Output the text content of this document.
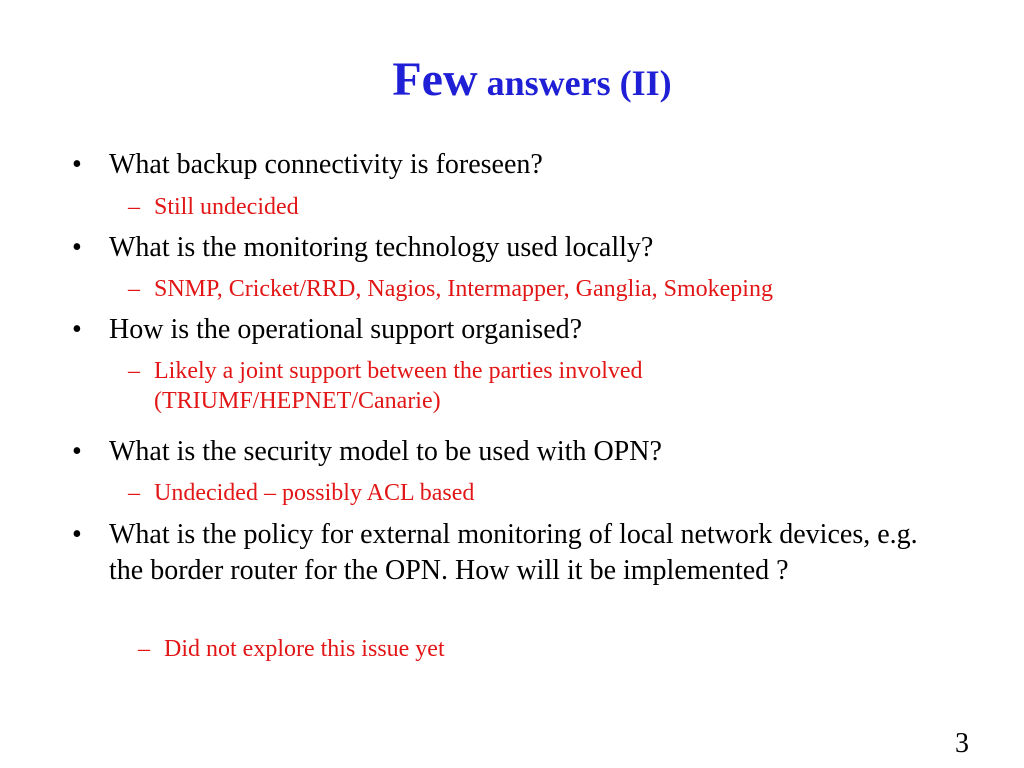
Few answers (II)
• What backup connectivity is foreseen?
– Still undecided
• What is the monitoring technology used locally?
– SNMP, Cricket/RRD, Nagios, Intermapper, Ganglia, Smokeping
• How is the operational support organised?
– Likely a joint support between the parties involved (TRIUMF/HEPNET/Canarie)
• What is the security model to be used with OPN?
– Undecided – possibly ACL based
• What is the policy for external monitoring of local network devices, e.g. the border router for the OPN. How will it be implemented ?
– Did not explore this issue yet
3
